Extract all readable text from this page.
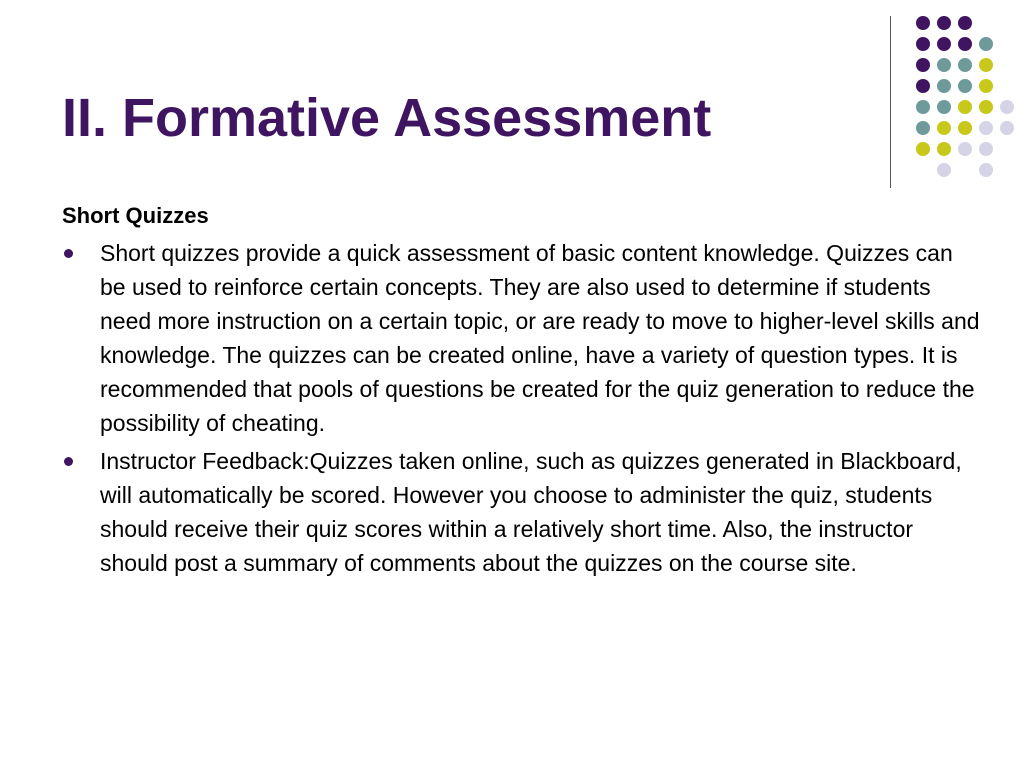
II. Formative Assessment
Short Quizzes
Short quizzes provide a quick assessment of basic content knowledge. Quizzes can be used to reinforce certain concepts. They are also used to determine if students need more instruction on a certain topic, or are ready to move to higher-level skills and knowledge. The quizzes can be created online, have a variety of question types. It is recommended that pools of questions be created for the quiz generation to reduce the possibility of cheating.
Instructor Feedback:Quizzes taken online, such as quizzes generated in Blackboard, will automatically be scored. However you choose to administer the quiz, students should receive their quiz scores within a relatively short time. Also, the instructor should post a summary of comments about the quizzes on the course site.
